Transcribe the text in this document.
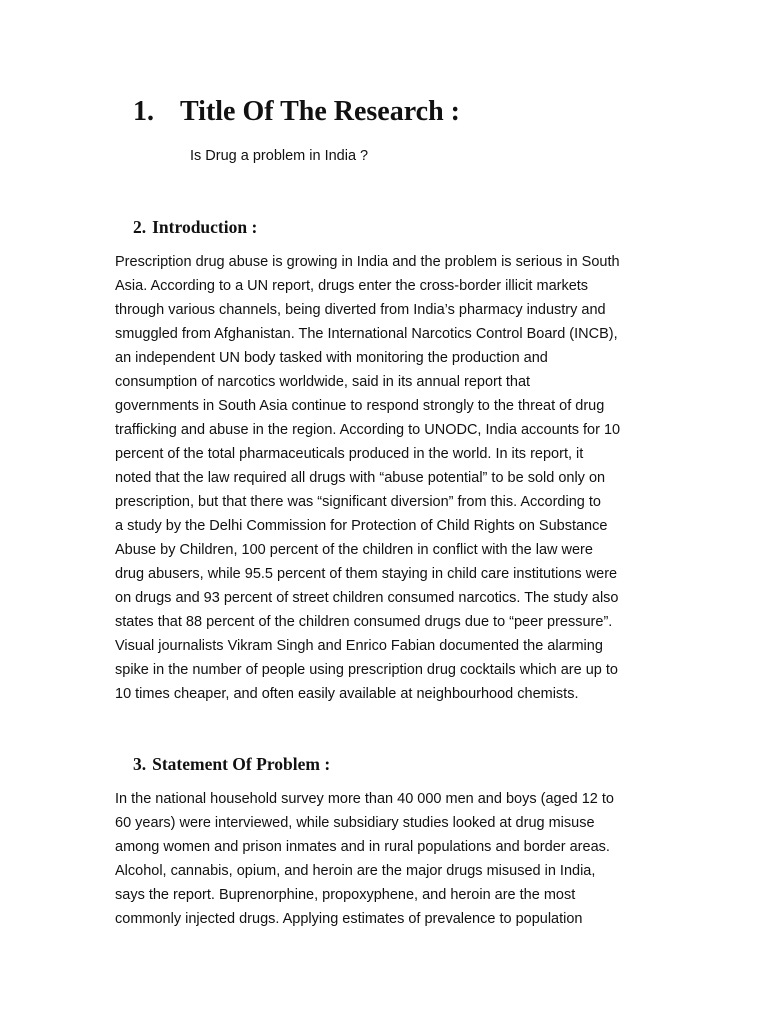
1. Title Of The Research :
Is Drug a problem in India ?
2. Introduction :
Prescription drug abuse is growing in India and the problem is serious in South
Asia. According to a UN report, drugs enter the cross-border illicit markets
through various channels, being diverted from India’s pharmacy industry and
smuggled from Afghanistan. The International Narcotics Control Board (INCB),
an independent UN body tasked with monitoring the production and
consumption of narcotics worldwide, said in its annual report that
governments in South Asia continue to respond strongly to the threat of drug
trafficking and abuse in the region. According to UNODC, India accounts for 10
percent of the total pharmaceuticals produced in the world. In its report, it
noted that the law required all drugs with “abuse potential” to be sold only on
prescription, but that there was “significant diversion” from this. According to
a study by the Delhi Commission for Protection of Child Rights on Substance
Abuse by Children, 100 percent of the children in conflict with the law were
drug abusers, while 95.5 percent of them staying in child care institutions were
on drugs and 93 percent of street children consumed narcotics. The study also
states that 88 percent of the children consumed drugs due to “peer pressure”.
Visual journalists Vikram Singh and Enrico Fabian documented the alarming
spike in the number of people using prescription drug cocktails which are up to
10 times cheaper, and often easily available at neighbourhood chemists.
3. Statement Of Problem :
In the national household survey more than 40 000 men and boys (aged 12 to
60 years) were interviewed, while subsidiary studies looked at drug misuse
among women and prison inmates and in rural populations and border areas.
Alcohol, cannabis, opium, and heroin are the major drugs misused in India,
says the report. Buprenorphine, propoxyphene, and heroin are the most
commonly injected drugs. Applying estimates of prevalence to population
